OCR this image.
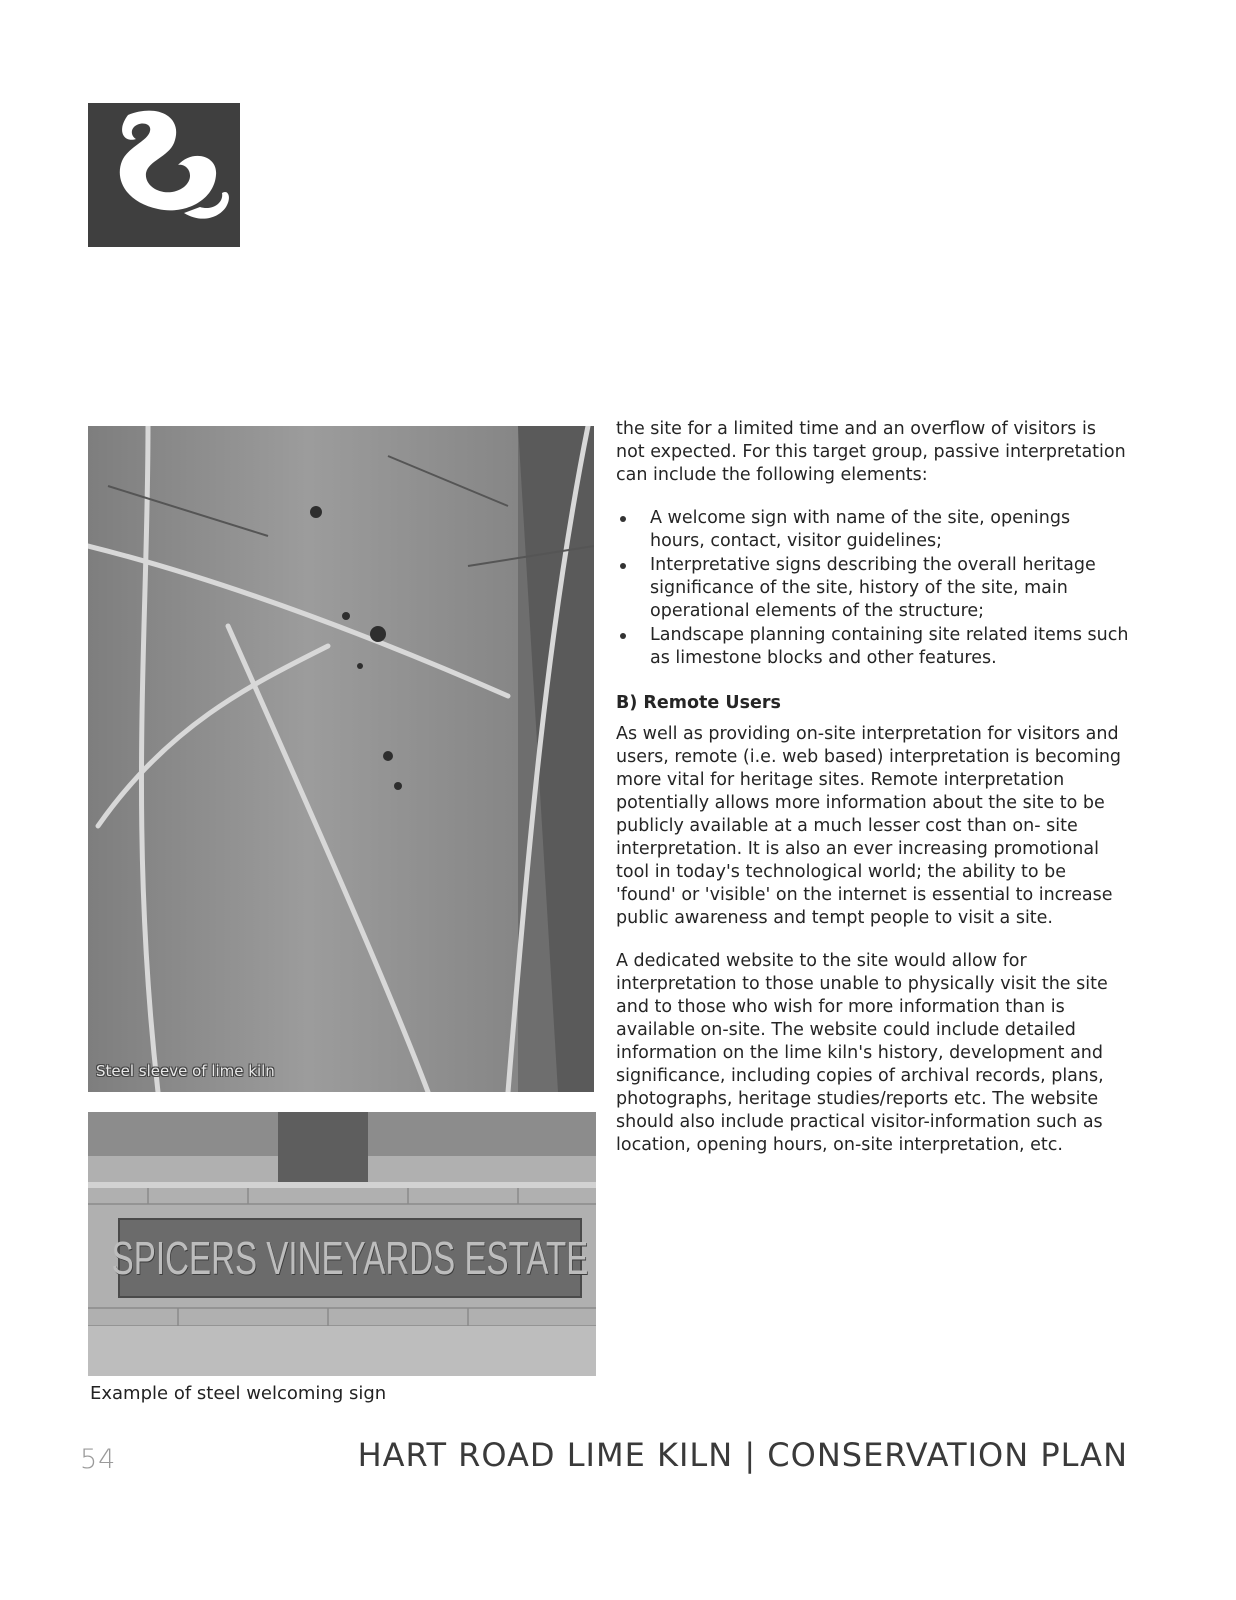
Steel sleeve of lime kiln
SPICERS VINEYARDS ESTATE
Example of steel welcoming sign

the site for a limited time and an overflow of visitors is not expected. For this target group, passive interpretation can include the following elements:

A welcome sign with name of the site, openings hours, contact, visitor guidelines;
Interpretative signs describing the overall heritage significance of the site, history of the site, main operational elements of the structure;
Landscape planning containing site related items such as limestone blocks and other features.
B) Remote Users

As well as providing on-site interpretation for visitors and users, remote (i.e. web based) interpretation is becoming more vital for heritage sites. Remote interpretation potentially allows more information about the site to be publicly available at a much lesser cost than on- site interpretation. It is also an ever increasing promotional tool in today's technological world; the ability to be 'found' or 'visible' on the internet is essential to increase public awareness and tempt people to visit a site.

A dedicated website to the site would allow for interpretation to those unable to physically visit the site and to those who wish for more information than is available on-site. The website could include detailed information on the lime kiln's history, development and significance, including copies of archival records, plans, photographs, heritage studies/reports etc. The website should also include practical visitor-information such as location, opening hours, on-site interpretation, etc.

54	HART ROAD LIME KILN | CONSERVATION PLAN
